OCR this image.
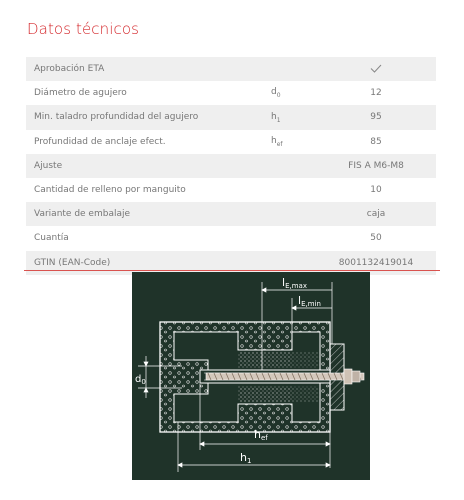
Datos técnicos
Aprobación ETA		
Diámetro de agujero	$d_0$	12
Min. taladro profundidad del agujero	$h_1$	95
Profundidad de anclaje efect.	$h_{ef}$	85
Ajuste		FIS A M6-M8
Cantidad de relleno por manguito		10
Variante de embalaje		caja
Cuantía		50
GTIN (EAN-Code)		8001132419014
$d_0$
lE,max
lE,min
hef
h1
